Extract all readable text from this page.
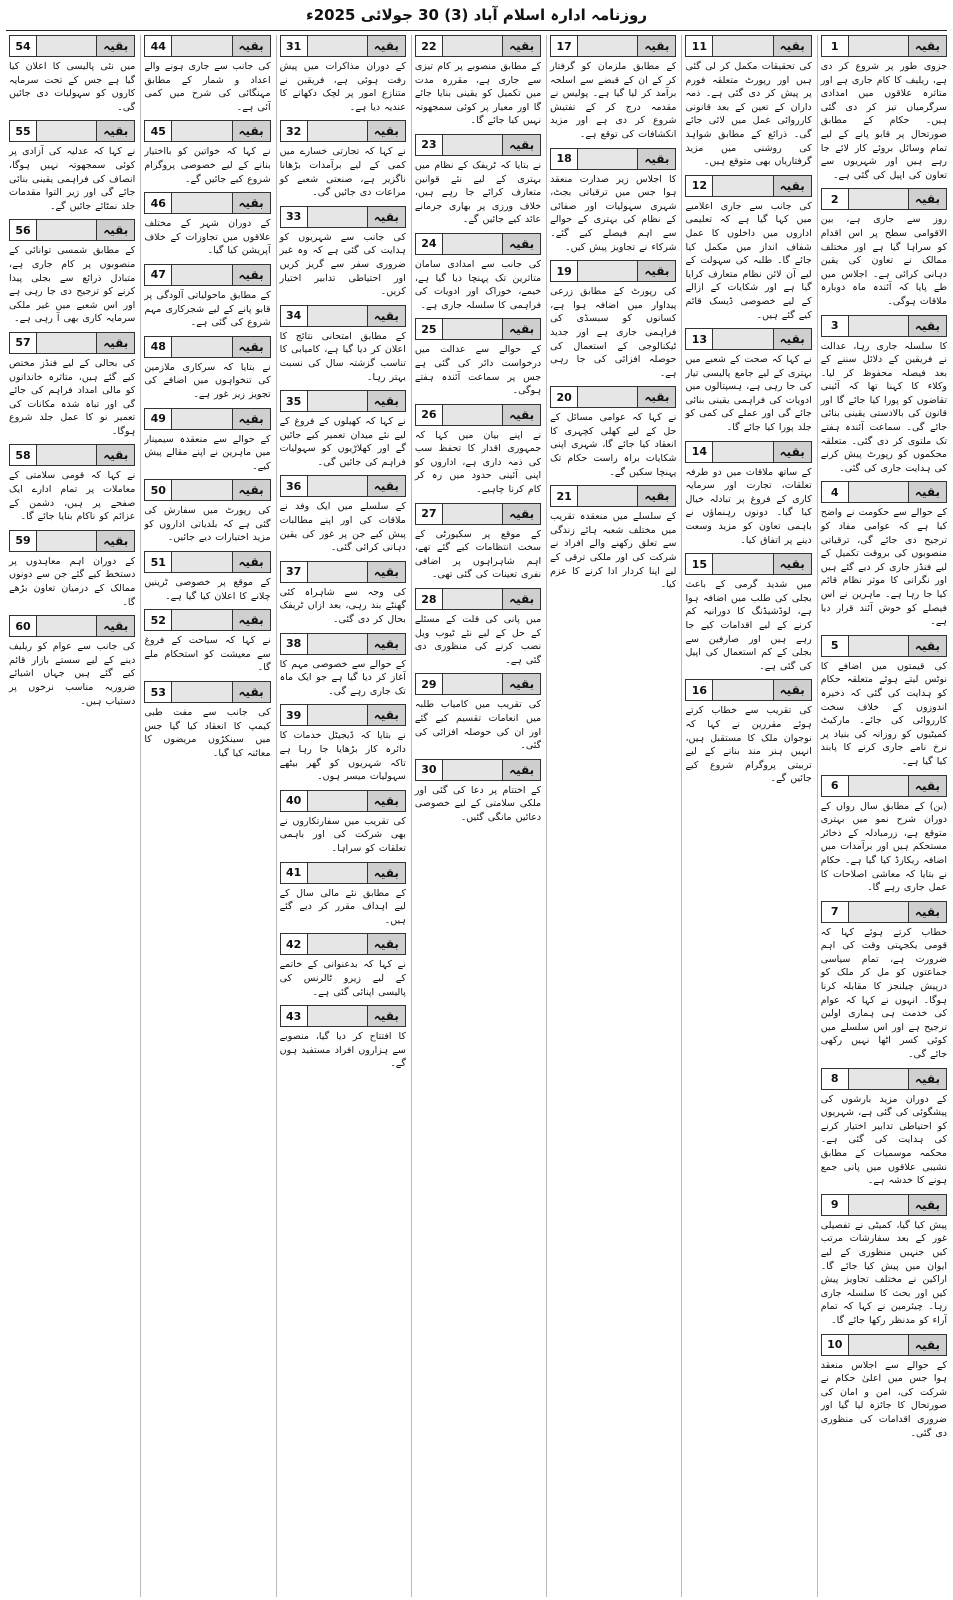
روزنامہ ادارہ اسلام آباد (3) 30 جولائی 2025ء
بقیہ
1

جزوی طور پر شروع کر دی ہے، ریلیف کا کام جاری ہے اور متاثرہ علاقوں میں امدادی سرگرمیاں تیز کر دی گئی ہیں۔ حکام کے مطابق صورتحال پر قابو پانے کے لیے تمام وسائل بروئے کار لائے جا رہے ہیں اور شہریوں سے تعاون کی اپیل کی گئی ہے۔

بقیہ
2

روز سے جاری ہے، بین الاقوامی سطح پر اس اقدام کو سراہا گیا ہے اور مختلف ممالک نے تعاون کی یقین دہانی کرائی ہے۔ اجلاس میں طے پایا کہ آئندہ ماہ دوبارہ ملاقات ہوگی۔

بقیہ
3

کا سلسلہ جاری رہا، عدالت نے فریقین کے دلائل سننے کے بعد فیصلہ محفوظ کر لیا۔ وکلاء کا کہنا تھا کہ آئینی تقاضوں کو پورا کیا جائے گا اور قانون کی بالادستی یقینی بنائی جائے گی۔ سماعت آئندہ ہفتے تک ملتوی کر دی گئی۔ متعلقہ محکموں کو رپورٹ پیش کرنے کی ہدایت جاری کی گئی۔

بقیہ
4

کے حوالے سے حکومت نے واضح کیا ہے کہ عوامی مفاد کو ترجیح دی جائے گی، ترقیاتی منصوبوں کی بروقت تکمیل کے لیے فنڈز جاری کر دیے گئے ہیں اور نگرانی کا موثر نظام قائم کیا جا رہا ہے۔ ماہرین نے اس فیصلے کو خوش آئند قرار دیا ہے۔

بقیہ
5

کی قیمتوں میں اضافے کا نوٹس لیتے ہوئے متعلقہ حکام کو ہدایت کی گئی کہ ذخیرہ اندوزوں کے خلاف سخت کارروائی کی جائے۔ مارکیٹ کمیٹیوں کو روزانہ کی بنیاد پر نرخ نامے جاری کرنے کا پابند کیا گیا ہے۔

بقیہ
6

(بن) کے مطابق سال رواں کے دوران شرح نمو میں بہتری متوقع ہے، زرمبادلہ کے ذخائر مستحکم ہیں اور برآمدات میں اضافہ ریکارڈ کیا گیا ہے۔ حکام نے بتایا کہ معاشی اصلاحات کا عمل جاری رہے گا۔

بقیہ
7

خطاب کرتے ہوئے کہا کہ قومی یکجہتی وقت کی اہم ضرورت ہے، تمام سیاسی جماعتوں کو مل کر ملک کو درپیش چیلنجز کا مقابلہ کرنا ہوگا۔ انہوں نے کہا کہ عوام کی خدمت ہی ہماری اولین ترجیح ہے اور اس سلسلے میں کوئی کسر اٹھا نہیں رکھی جائے گی۔

بقیہ
8

کے دوران مزید بارشوں کی پیشگوئی کی گئی ہے، شہریوں کو احتیاطی تدابیر اختیار کرنے کی ہدایت کی گئی ہے۔ محکمہ موسمیات کے مطابق نشیبی علاقوں میں پانی جمع ہونے کا خدشہ ہے۔

بقیہ
9

پیش کیا گیا، کمیٹی نے تفصیلی غور کے بعد سفارشات مرتب کیں جنہیں منظوری کے لیے ایوان میں پیش کیا جائے گا۔ اراکین نے مختلف تجاویز پیش کیں اور بحث کا سلسلہ جاری رہا۔ چیئرمین نے کہا کہ تمام آراء کو مدنظر رکھا جائے گا۔

بقیہ
10

کے حوالے سے اجلاس منعقد ہوا جس میں اعلیٰ حکام نے شرکت کی، امن و امان کی صورتحال کا جائزہ لیا گیا اور ضروری اقدامات کی منظوری دی گئی۔

بقیہ
11

کی تحقیقات مکمل کر لی گئی ہیں اور رپورٹ متعلقہ فورم پر پیش کر دی گئی ہے۔ ذمہ داران کے تعین کے بعد قانونی کارروائی عمل میں لائی جائے گی۔ ذرائع کے مطابق شواہد کی روشنی میں مزید گرفتاریاں بھی متوقع ہیں۔

بقیہ
12

کی جانب سے جاری اعلامیے میں کہا گیا ہے کہ تعلیمی اداروں میں داخلوں کا عمل شفاف انداز میں مکمل کیا جائے گا۔ طلبہ کی سہولت کے لیے آن لائن نظام متعارف کرایا گیا ہے اور شکایات کے ازالے کے لیے خصوصی ڈیسک قائم کیے گئے ہیں۔

بقیہ
13

نے کہا کہ صحت کے شعبے میں بہتری کے لیے جامع پالیسی تیار کی جا رہی ہے، ہسپتالوں میں ادویات کی فراہمی یقینی بنائی جائے گی اور عملے کی کمی کو جلد پورا کیا جائے گا۔

بقیہ
14

کے ساتھ ملاقات میں دو طرفہ تعلقات، تجارت اور سرمایہ کاری کے فروغ پر تبادلہ خیال کیا گیا۔ دونوں رہنماؤں نے باہمی تعاون کو مزید وسعت دینے پر اتفاق کیا۔

بقیہ
15

میں شدید گرمی کے باعث بجلی کی طلب میں اضافہ ہوا ہے، لوڈشیڈنگ کا دورانیہ کم کرنے کے لیے اقدامات کیے جا رہے ہیں اور صارفین سے بجلی کے کم استعمال کی اپیل کی گئی ہے۔

بقیہ
16

کی تقریب سے خطاب کرتے ہوئے مقررین نے کہا کہ نوجوان ملک کا مستقبل ہیں، انہیں ہنر مند بنانے کے لیے تربیتی پروگرام شروع کیے جائیں گے۔

بقیہ
17

کے مطابق ملزمان کو گرفتار کر کے ان کے قبضے سے اسلحہ برآمد کر لیا گیا ہے۔ پولیس نے مقدمہ درج کر کے تفتیش شروع کر دی ہے اور مزید انکشافات کی توقع ہے۔

بقیہ
18

کا اجلاس زیر صدارت منعقد ہوا جس میں ترقیاتی بجٹ، شہری سہولیات اور صفائی کے نظام کی بہتری کے حوالے سے اہم فیصلے کیے گئے۔ شرکاء نے تجاویز پیش کیں۔

بقیہ
19

کی رپورٹ کے مطابق زرعی پیداوار میں اضافہ ہوا ہے، کسانوں کو سبسڈی کی فراہمی جاری ہے اور جدید ٹیکنالوجی کے استعمال کی حوصلہ افزائی کی جا رہی ہے۔

بقیہ
20

نے کہا کہ عوامی مسائل کے حل کے لیے کھلی کچہری کا انعقاد کیا جائے گا، شہری اپنی شکایات براہ راست حکام تک پہنچا سکیں گے۔

بقیہ
21

کے سلسلے میں منعقدہ تقریب میں مختلف شعبہ ہائے زندگی سے تعلق رکھنے والے افراد نے شرکت کی اور ملکی ترقی کے لیے اپنا کردار ادا کرنے کا عزم کیا۔

بقیہ
22

کے مطابق منصوبے پر کام تیزی سے جاری ہے، مقررہ مدت میں تکمیل کو یقینی بنایا جائے گا اور معیار پر کوئی سمجھوتہ نہیں کیا جائے گا۔

بقیہ
23

نے بتایا کہ ٹریفک کے نظام میں بہتری کے لیے نئے قوانین متعارف کرائے جا رہے ہیں، خلاف ورزی پر بھاری جرمانے عائد کیے جائیں گے۔

بقیہ
24

کی جانب سے امدادی سامان متاثرین تک پہنچا دیا گیا ہے، خیمے، خوراک اور ادویات کی فراہمی کا سلسلہ جاری ہے۔

بقیہ
25

کے حوالے سے عدالت میں درخواست دائر کی گئی ہے جس پر سماعت آئندہ ہفتے ہوگی۔

بقیہ
26

نے اپنے بیان میں کہا کہ جمہوری اقدار کا تحفظ سب کی ذمہ داری ہے، اداروں کو اپنی آئینی حدود میں رہ کر کام کرنا چاہیے۔

بقیہ
27

کے موقع پر سکیورٹی کے سخت انتظامات کیے گئے تھے، اہم شاہراہوں پر اضافی نفری تعینات کی گئی تھی۔

بقیہ
28

میں پانی کی قلت کے مسئلے کے حل کے لیے نئے ٹیوب ویل نصب کرنے کی منظوری دی گئی ہے۔

بقیہ
29

کی تقریب میں کامیاب طلبہ میں انعامات تقسیم کیے گئے اور ان کی حوصلہ افزائی کی گئی۔

بقیہ
30

کے اختتام پر دعا کی گئی اور ملکی سلامتی کے لیے خصوصی دعائیں مانگی گئیں۔

بقیہ
31

کے دوران مذاکرات میں پیش رفت ہوئی ہے، فریقین نے متنازع امور پر لچک دکھانے کا عندیہ دیا ہے۔

بقیہ
32

نے کہا کہ تجارتی خسارے میں کمی کے لیے برآمدات بڑھانا ناگزیر ہے، صنعتی شعبے کو مراعات دی جائیں گی۔

بقیہ
33

کی جانب سے شہریوں کو ہدایت کی گئی ہے کہ وہ غیر ضروری سفر سے گریز کریں اور احتیاطی تدابیر اختیار کریں۔

بقیہ
34

کے مطابق امتحانی نتائج کا اعلان کر دیا گیا ہے، کامیابی کا تناسب گزشتہ سال کی نسبت بہتر رہا۔

بقیہ
35

نے کہا کہ کھیلوں کے فروغ کے لیے نئے میدان تعمیر کیے جائیں گے اور کھلاڑیوں کو سہولیات فراہم کی جائیں گی۔

بقیہ
36

کے سلسلے میں ایک وفد نے ملاقات کی اور اپنے مطالبات پیش کیے جن پر غور کی یقین دہانی کرائی گئی۔

بقیہ
37

کی وجہ سے شاہراہ کئی گھنٹے بند رہی، بعد ازاں ٹریفک بحال کر دی گئی۔

بقیہ
38

کے حوالے سے خصوصی مہم کا آغاز کر دیا گیا ہے جو ایک ماہ تک جاری رہے گی۔

بقیہ
39

نے بتایا کہ ڈیجیٹل خدمات کا دائرہ کار بڑھایا جا رہا ہے تاکہ شہریوں کو گھر بیٹھے سہولیات میسر ہوں۔

بقیہ
40

کی تقریب میں سفارتکاروں نے بھی شرکت کی اور باہمی تعلقات کو سراہا۔

بقیہ
41

کے مطابق نئے مالی سال کے لیے اہداف مقرر کر دیے گئے ہیں۔

بقیہ
42

نے کہا کہ بدعنوانی کے خاتمے کے لیے زیرو ٹالرنس کی پالیسی اپنائی گئی ہے۔

بقیہ
43

کا افتتاح کر دیا گیا، منصوبے سے ہزاروں افراد مستفید ہوں گے۔

بقیہ
44

کی جانب سے جاری ہونے والے اعداد و شمار کے مطابق مہنگائی کی شرح میں کمی آئی ہے۔

بقیہ
45

نے کہا کہ خواتین کو بااختیار بنانے کے لیے خصوصی پروگرام شروع کیے جائیں گے۔

بقیہ
46

کے دوران شہر کے مختلف علاقوں میں تجاوزات کے خلاف آپریشن کیا گیا۔

بقیہ
47

کے مطابق ماحولیاتی آلودگی پر قابو پانے کے لیے شجرکاری مہم شروع کی گئی ہے۔

بقیہ
48

نے بتایا کہ سرکاری ملازمین کی تنخواہوں میں اضافے کی تجویز زیر غور ہے۔

بقیہ
49

کے حوالے سے منعقدہ سیمینار میں ماہرین نے اپنے مقالے پیش کیے۔

بقیہ
50

کی رپورٹ میں سفارش کی گئی ہے کہ بلدیاتی اداروں کو مزید اختیارات دیے جائیں۔

بقیہ
51

کے موقع پر خصوصی ٹرینیں چلانے کا اعلان کیا گیا ہے۔

بقیہ
52

نے کہا کہ سیاحت کے فروغ سے معیشت کو استحکام ملے گا۔

بقیہ
53

کی جانب سے مفت طبی کیمپ کا انعقاد کیا گیا جس میں سینکڑوں مریضوں کا معائنہ کیا گیا۔

بقیہ
54

میں نئی پالیسی کا اعلان کیا گیا ہے جس کے تحت سرمایہ کاروں کو سہولیات دی جائیں گی۔

بقیہ
55

نے کہا کہ عدلیہ کی آزادی پر کوئی سمجھوتہ نہیں ہوگا، انصاف کی فراہمی یقینی بنائی جائے گی اور زیر التوا مقدمات جلد نمٹائے جائیں گے۔

بقیہ
56

کے مطابق شمسی توانائی کے منصوبوں پر کام جاری ہے، متبادل ذرائع سے بجلی پیدا کرنے کو ترجیح دی جا رہی ہے اور اس شعبے میں غیر ملکی سرمایہ کاری بھی آ رہی ہے۔

بقیہ
57

کی بحالی کے لیے فنڈز مختص کیے گئے ہیں، متاثرہ خاندانوں کو مالی امداد فراہم کی جائے گی اور تباہ شدہ مکانات کی تعمیر نو کا عمل جلد شروع ہوگا۔

بقیہ
58

نے کہا کہ قومی سلامتی کے معاملات پر تمام ادارے ایک صفحے پر ہیں، دشمن کے عزائم کو ناکام بنایا جائے گا۔

بقیہ
59

کے دوران اہم معاہدوں پر دستخط کیے گئے جن سے دونوں ممالک کے درمیان تعاون بڑھے گا۔

بقیہ
60

کی جانب سے عوام کو ریلیف دینے کے لیے سستے بازار قائم کیے گئے ہیں جہاں اشیائے ضروریہ مناسب نرخوں پر دستیاب ہیں۔
